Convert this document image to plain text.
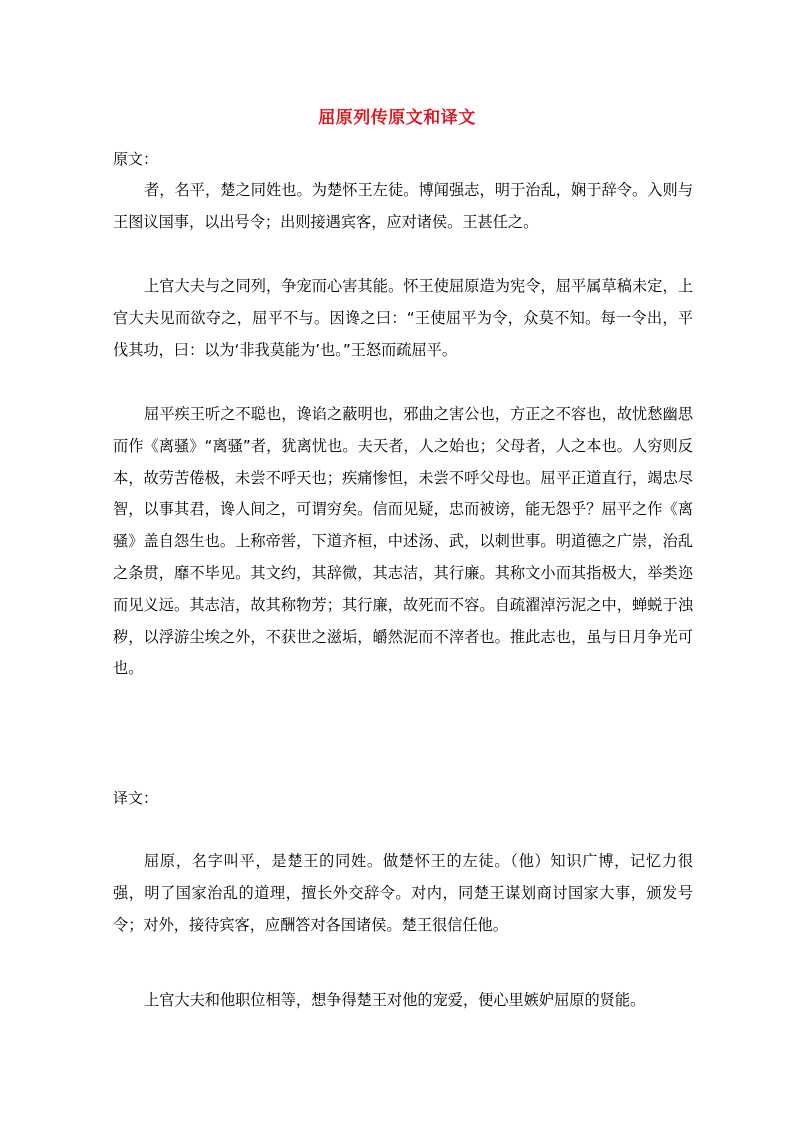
屈原列传原文和译文
原文：
者，名平，楚之同姓也。为楚怀王左徒。博闻强志，明于治乱，娴于辞令。入则与王图议国事，以出号令；出则接遇宾客，应对诸侯。王甚任之。
上官大夫与之同列，争宠而心害其能。怀王使屈原造为宪令，屈平属草稿未定，上官大夫见而欲夺之，屈平不与。因谗之曰：“王使屈平为令，众莫不知。每一令出，平伐其功，曰：以为‘非我莫能为’也。”王怒而疏屈平。
屈平疾王听之不聪也，谗谄之蔽明也，邪曲之害公也，方正之不容也，故忧愁幽思而作《离骚》“离骚”者，犹离忧也。夫天者，人之始也；父母者，人之本也。人穷则反本，故劳苦倦极，未尝不呼天也；疾痛惨怛，未尝不呼父母也。屈平正道直行，竭忠尽智，以事其君，谗人间之，可谓穷矣。信而见疑，忠而被谤，能无怨乎？屈平之作《离骚》盖自怨生也。上称帝喾，下道齐桓，中述汤、武，以刺世事。明道德之广崇，治乱之条贯，靡不毕见。其文约，其辞微，其志洁，其行廉。其称文小而其指极大，举类迩而见义远。其志洁，故其称物芳；其行廉，故死而不容。自疏濯淖污泥之中，蝉蜕于浊秽，以浮游尘埃之外，不获世之滋垢，皭然泥而不滓者也。推此志也，虽与日月争光可也。
译文：
屈原，名字叫平，是楚王的同姓。做楚怀王的左徒。（他）知识广博，记忆力很强，明了国家治乱的道理，擅长外交辞令。对内，同楚王谋划商讨国家大事，颁发号令；对外，接待宾客，应酬答对各国诸侯。楚王很信任他。
上官大夫和他职位相等，想争得楚王对他的宠爱，便心里嫉妒屈原的贤能。
